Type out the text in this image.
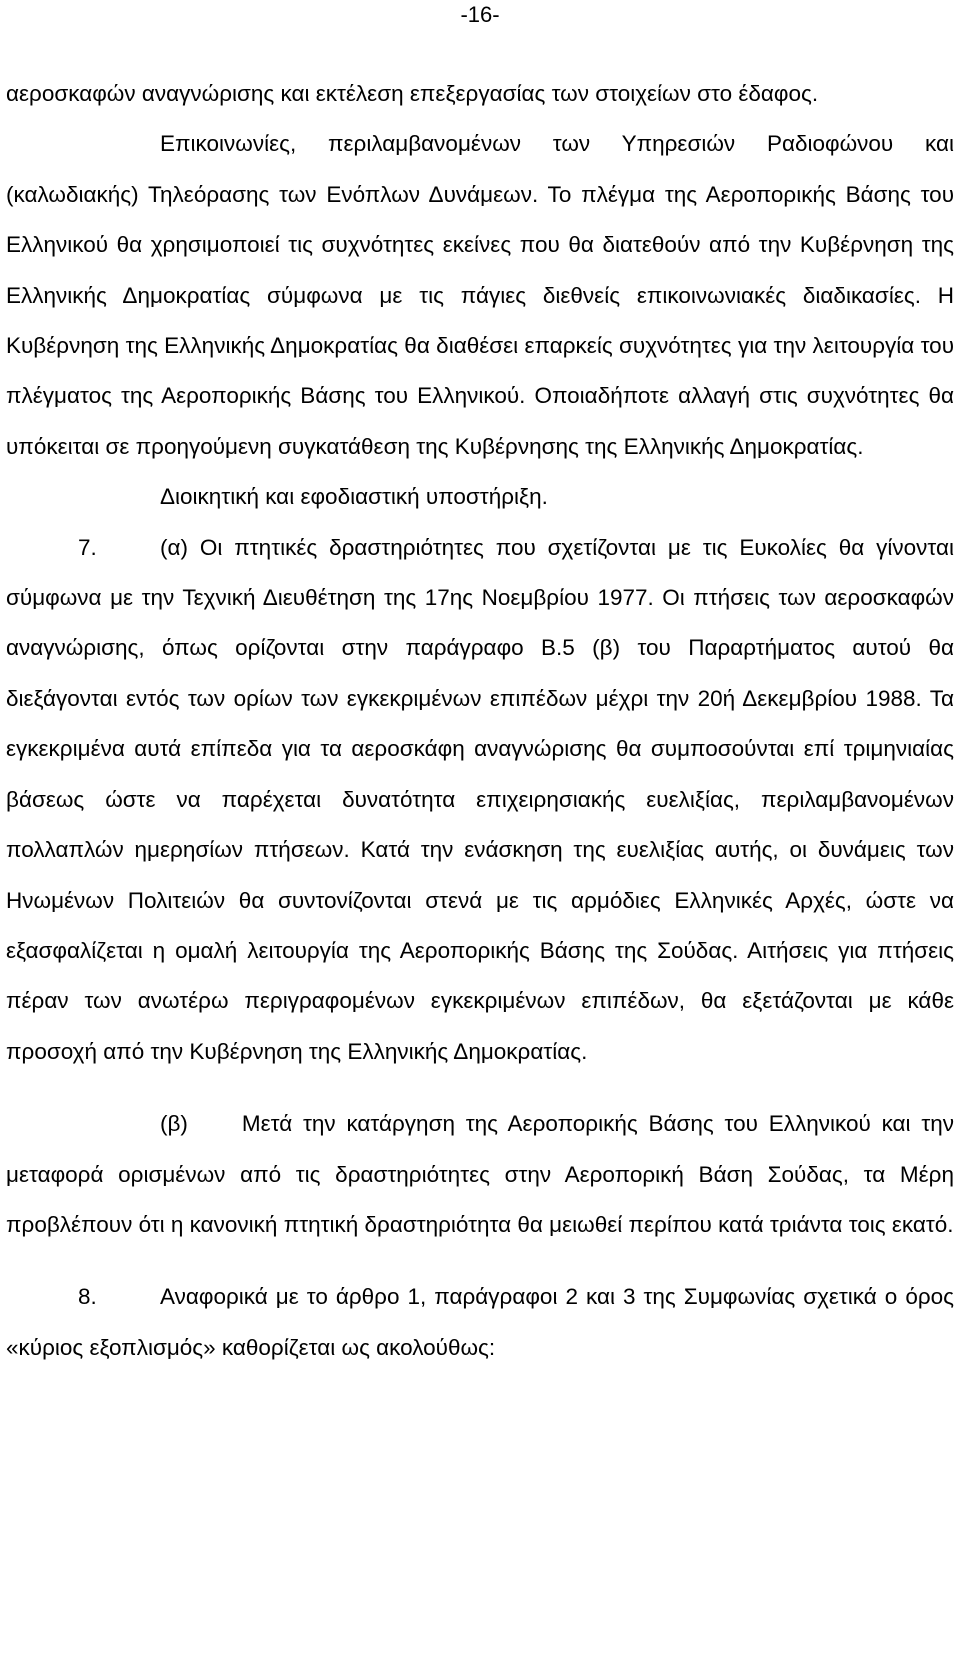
-16-

αεροσκαφών αναγνώρισης και εκτέλεση επεξεργασίας των στοιχείων στο έδαφος.

Επικοινωνίες, περιλαμβανομένων των Υπηρεσιών Ραδιοφώνου και (καλωδιακής) Τηλεόρασης των Ενόπλων Δυνάμεων. Το πλέγμα της Αεροπορικής Βάσης του Ελληνικού θα χρησιμοποιεί τις συχνότητες εκείνες που θα διατεθούν από την Κυβέρνηση της Ελληνικής Δημοκρατίας σύμφωνα με τις πάγιες διεθνείς επικοινωνιακές διαδικασίες. Η Κυβέρνηση της Ελληνικής Δημοκρατίας θα διαθέσει επαρκείς συχνότητες για την λειτουργία του πλέγματος της Αεροπορικής Βάσης του Ελληνικού. Οποιαδήποτε αλλαγή στις συχνότητες θα υπόκειται σε προηγούμενη συγκατάθεση της Κυβέρνησης της Ελληνικής Δημοκρατίας.

Διοικητική και εφοδιαστική υποστήριξη.

7.	(α) Οι πτητικές δραστηριότητες που σχετίζονται με τις Ευκολίες θα γίνονται σύμφωνα με την Τεχνική Διευθέτηση της 17ης Νοεμβρίου 1977. Οι πτήσεις των αεροσκαφών αναγνώρισης, όπως ορίζονται στην παράγραφο Β.5 (β) του Παραρτήματος αυτού θα διεξάγονται εντός των ορίων των εγκεκριμένων επιπέδων μέχρι την 20ή Δεκεμβρίου 1988. Τα εγκεκριμένα αυτά επίπεδα για τα αεροσκάφη αναγνώρισης θα συμποσούνται επί τριμηνιαίας βάσεως ώστε να παρέχεται δυνατότητα επιχειρησιακής ευελιξίας, περιλαμβανομένων πολλαπλών ημερησίων πτήσεων. Κατά την ενάσκηση της ευελιξίας αυτής, οι δυνάμεις των Ηνωμένων Πολιτειών θα συντονίζονται στενά με τις αρμόδιες Ελληνικές Αρχές, ώστε να εξασφαλίζεται η ομαλή λειτουργία της Αεροπορικής Βάσης της Σούδας. Αιτήσεις για πτήσεις πέραν των ανωτέρω περιγραφομένων εγκεκριμένων επιπέδων, θα εξετάζονται με κάθε προσοχή από την Κυβέρνηση της Ελληνικής Δημοκρατίας.

(β) Μετά την κατάργηση της Αεροπορικής Βάσης του Ελληνικού και την μεταφορά ορισμένων από τις δραστηριότητες στην Αεροπορική Βάση Σούδας, τα Μέρη προβλέπουν ότι η κανονική πτητική δραστηριότητα θα μειωθεί περίπου κατά τριάντα τοις εκατό.

8.	Αναφορικά με το άρθρο 1, παράγραφοι 2 και 3 της Συμφωνίας σχετικά ο όρος «κύριος εξοπλισμός» καθορίζεται ως ακολούθως:
